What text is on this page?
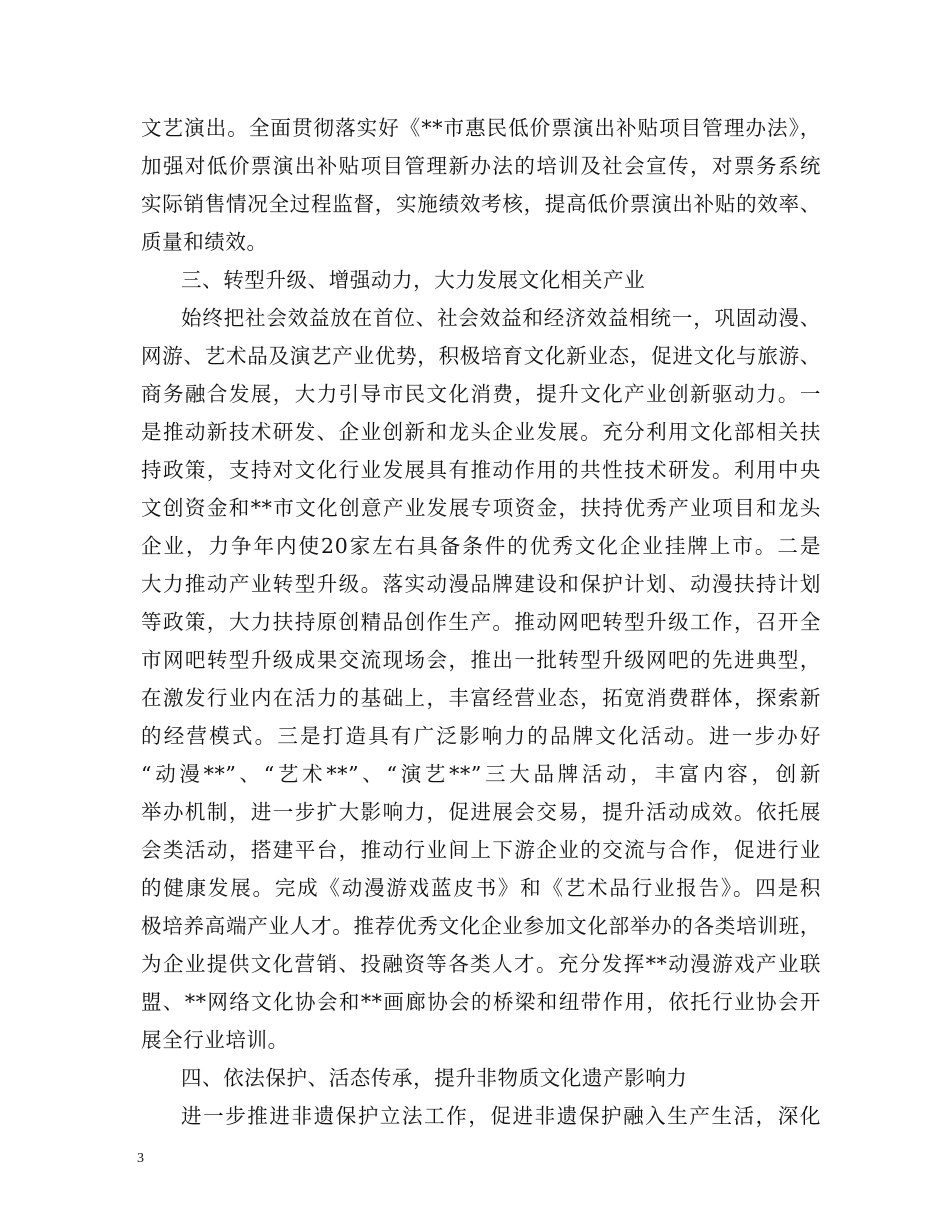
文艺演出。全面贯彻落实好《**市惠民低价票演出补贴项目管理办法》，
加强对低价票演出补贴项目管理新办法的培训及社会宣传，对票务系统
实际销售情况全过程监督，实施绩效考核，提高低价票演出补贴的效率、
质量和绩效。
三、转型升级、增强动力，大力发展文化相关产业
始终把社会效益放在首位、社会效益和经济效益相统一，巩固动漫、
网游、艺术品及演艺产业优势，积极培育文化新业态，促进文化与旅游、
商务融合发展，大力引导市民文化消费，提升文化产业创新驱动力。一
是推动新技术研发、企业创新和龙头企业发展。充分利用文化部相关扶
持政策，支持对文化行业发展具有推动作用的共性技术研发。利用中央
文创资金和**市文化创意产业发展专项资金，扶持优秀产业项目和龙头
企业，力争年内使20家左右具备条件的优秀文化企业挂牌上市。二是
大力推动产业转型升级。落实动漫品牌建设和保护计划、动漫扶持计划
等政策，大力扶持原创精品创作生产。推动网吧转型升级工作，召开全
市网吧转型升级成果交流现场会，推出一批转型升级网吧的先进典型，
在激发行业内在活力的基础上，丰富经营业态，拓宽消费群体，探索新
的经营模式。三是打造具有广泛影响力的品牌文化活动。进一步办好
“动漫**”、“艺术**”、“演艺**”三大品牌活动，丰富内容，创新
举办机制，进一步扩大影响力，促进展会交易，提升活动成效。依托展
会类活动，搭建平台，推动行业间上下游企业的交流与合作，促进行业
的健康发展。完成《动漫游戏蓝皮书》和《艺术品行业报告》。四是积
极培养高端产业人才。推荐优秀文化企业参加文化部举办的各类培训班，
为企业提供文化营销、投融资等各类人才。充分发挥**动漫游戏产业联
盟、**网络文化协会和**画廊协会的桥梁和纽带作用，依托行业协会开
展全行业培训。
四、依法保护、活态传承，提升非物质文化遗产影响力
进一步推进非遗保护立法工作，促进非遗保护融入生产生活，深化
3
